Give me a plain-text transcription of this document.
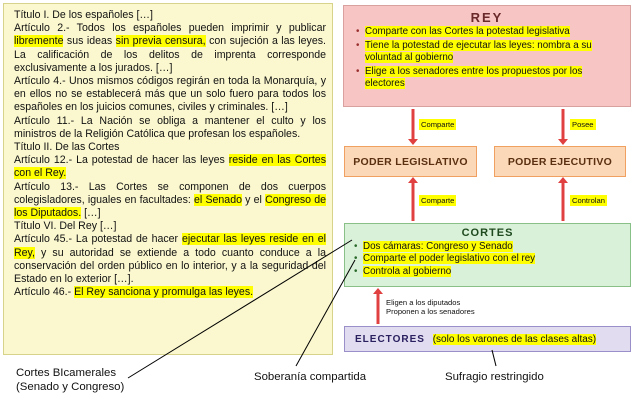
Título I. De los españoles […]

Artículo 2.- Todos los españoles pueden imprimir y publicar libremente sus ideas sin previa censura, con sujeción a las leyes. La calificación de los delitos de imprenta corresponde exclusivamente a los jurados. […]

Artículo 4.- Unos mismos códigos regirán en toda la Monarquía, y en ellos no se establecerá más que un solo fuero para todos los españoles en los juicios comunes, civiles y criminales. […]

Artículo 11.- La Nación se obliga a mantener el culto y los ministros de la Religión Católica que profesan los españoles.

Título II. De las Cortes

Artículo 12.- La potestad de hacer las leyes reside en las Cortes con el Rey.

Artículo 13.- Las Cortes se componen de dos cuerpos colegisladores, iguales en facultades: el Senado y el Congreso de los Diputados. […]

Título VI. Del Rey […]

Artículo 45.- La potestad de hacer ejecutar las leyes reside en el Rey, y su autoridad se extiende a todo cuanto conduce a la conservación del orden público en lo interior, y a la seguridad del Estado en lo exterior […].

Artículo 46.- El Rey sanciona y promulga las leyes.

REY
• Comparte con las Cortes la potestad legislativa
• Tiene la potestad de ejecutar las leyes: nombra a su voluntad al gobierno
• Elige a los senadores entre los propuestos por los electores
Comparte	Posee
PODER LEGISLATIVO	PODER EJECUTIVO
Comparte	Controlan
CORTES
• Dos cámaras: Congreso y Senado
• Comparte el poder legislativo con el rey
• Controla al gobierno
Eligen a los diputados
Proponen a los senadores
ELECTORES (solo los varones de las clases altas)
Cortes BIcamerales
(Senado y Congreso)
Soberanía compartida	Sufragio restringido
